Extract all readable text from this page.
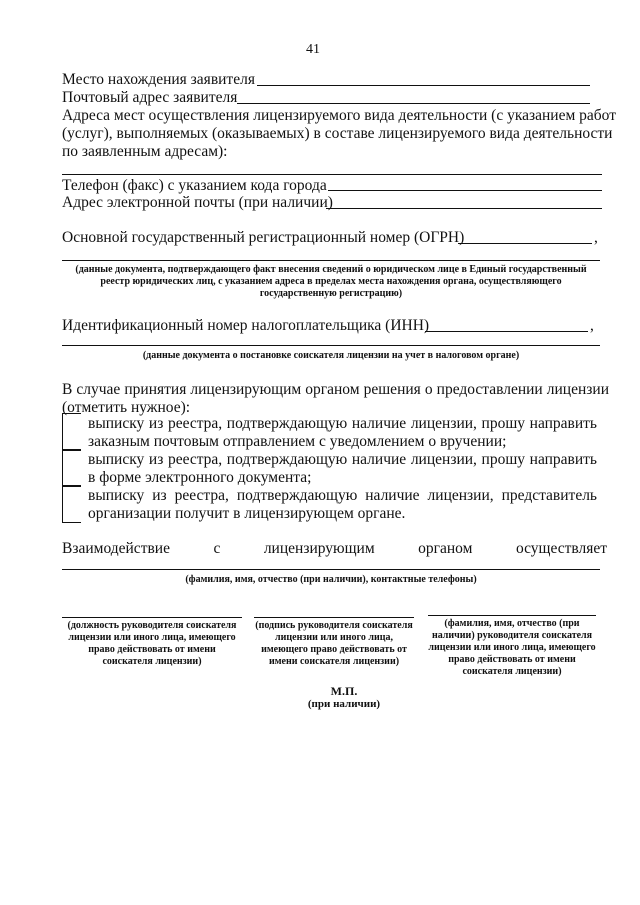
41
Место нахождения заявителя
Почтовый адрес заявителя
Адреса мест осуществления лицензируемого вида деятельности (с указанием работ
(услуг), выполняемых (оказываемых) в составе лицензируемого вида деятельности
по заявленным адресам):
Телефон (факс) с указанием кода города
Адрес электронной почты (при наличии)
Основной государственный регистрационный номер (ОГРН)	,
(данные документа, подтверждающего факт внесения сведений о юридическом лице в Единый государственный
реестр юридических лиц, с указанием адреса в пределах места нахождения органа, осуществляющего
государственную регистрацию)
Идентификационный номер налогоплательщика (ИНН)	,
(данные документа о постановке соискателя лицензии на учет в налоговом органе)
В случае принятия лицензирующим органом решения о предоставлении лицензии
(отметить нужное):
выписку из реестра, подтверждающую наличие лицензии, прошу направить
заказным почтовым отправлением с уведомлением о вручении;
выписку из реестра, подтверждающую наличие лицензии, прошу направить
в форме электронного документа;
выписку из реестра, подтверждающую наличие лицензии, представитель
организации получит в лицензирующем органе.
Взаимодействие с лицензирующим органом осуществляет
(фамилия, имя, отчество (при наличии), контактные телефоны)
(должность руководителя соискателя лицензии или иного лица, имеющего право действовать от имени соискателя лицензии)
(подпись руководителя соискателя лицензии или иного лица, имеющего право действовать от имени соискателя лицензии)
(фамилия, имя, отчество (при наличии) руководителя соискателя лицензии или иного лица, имеющего право действовать от имени соискателя лицензии)
М.П.
(при наличии)
